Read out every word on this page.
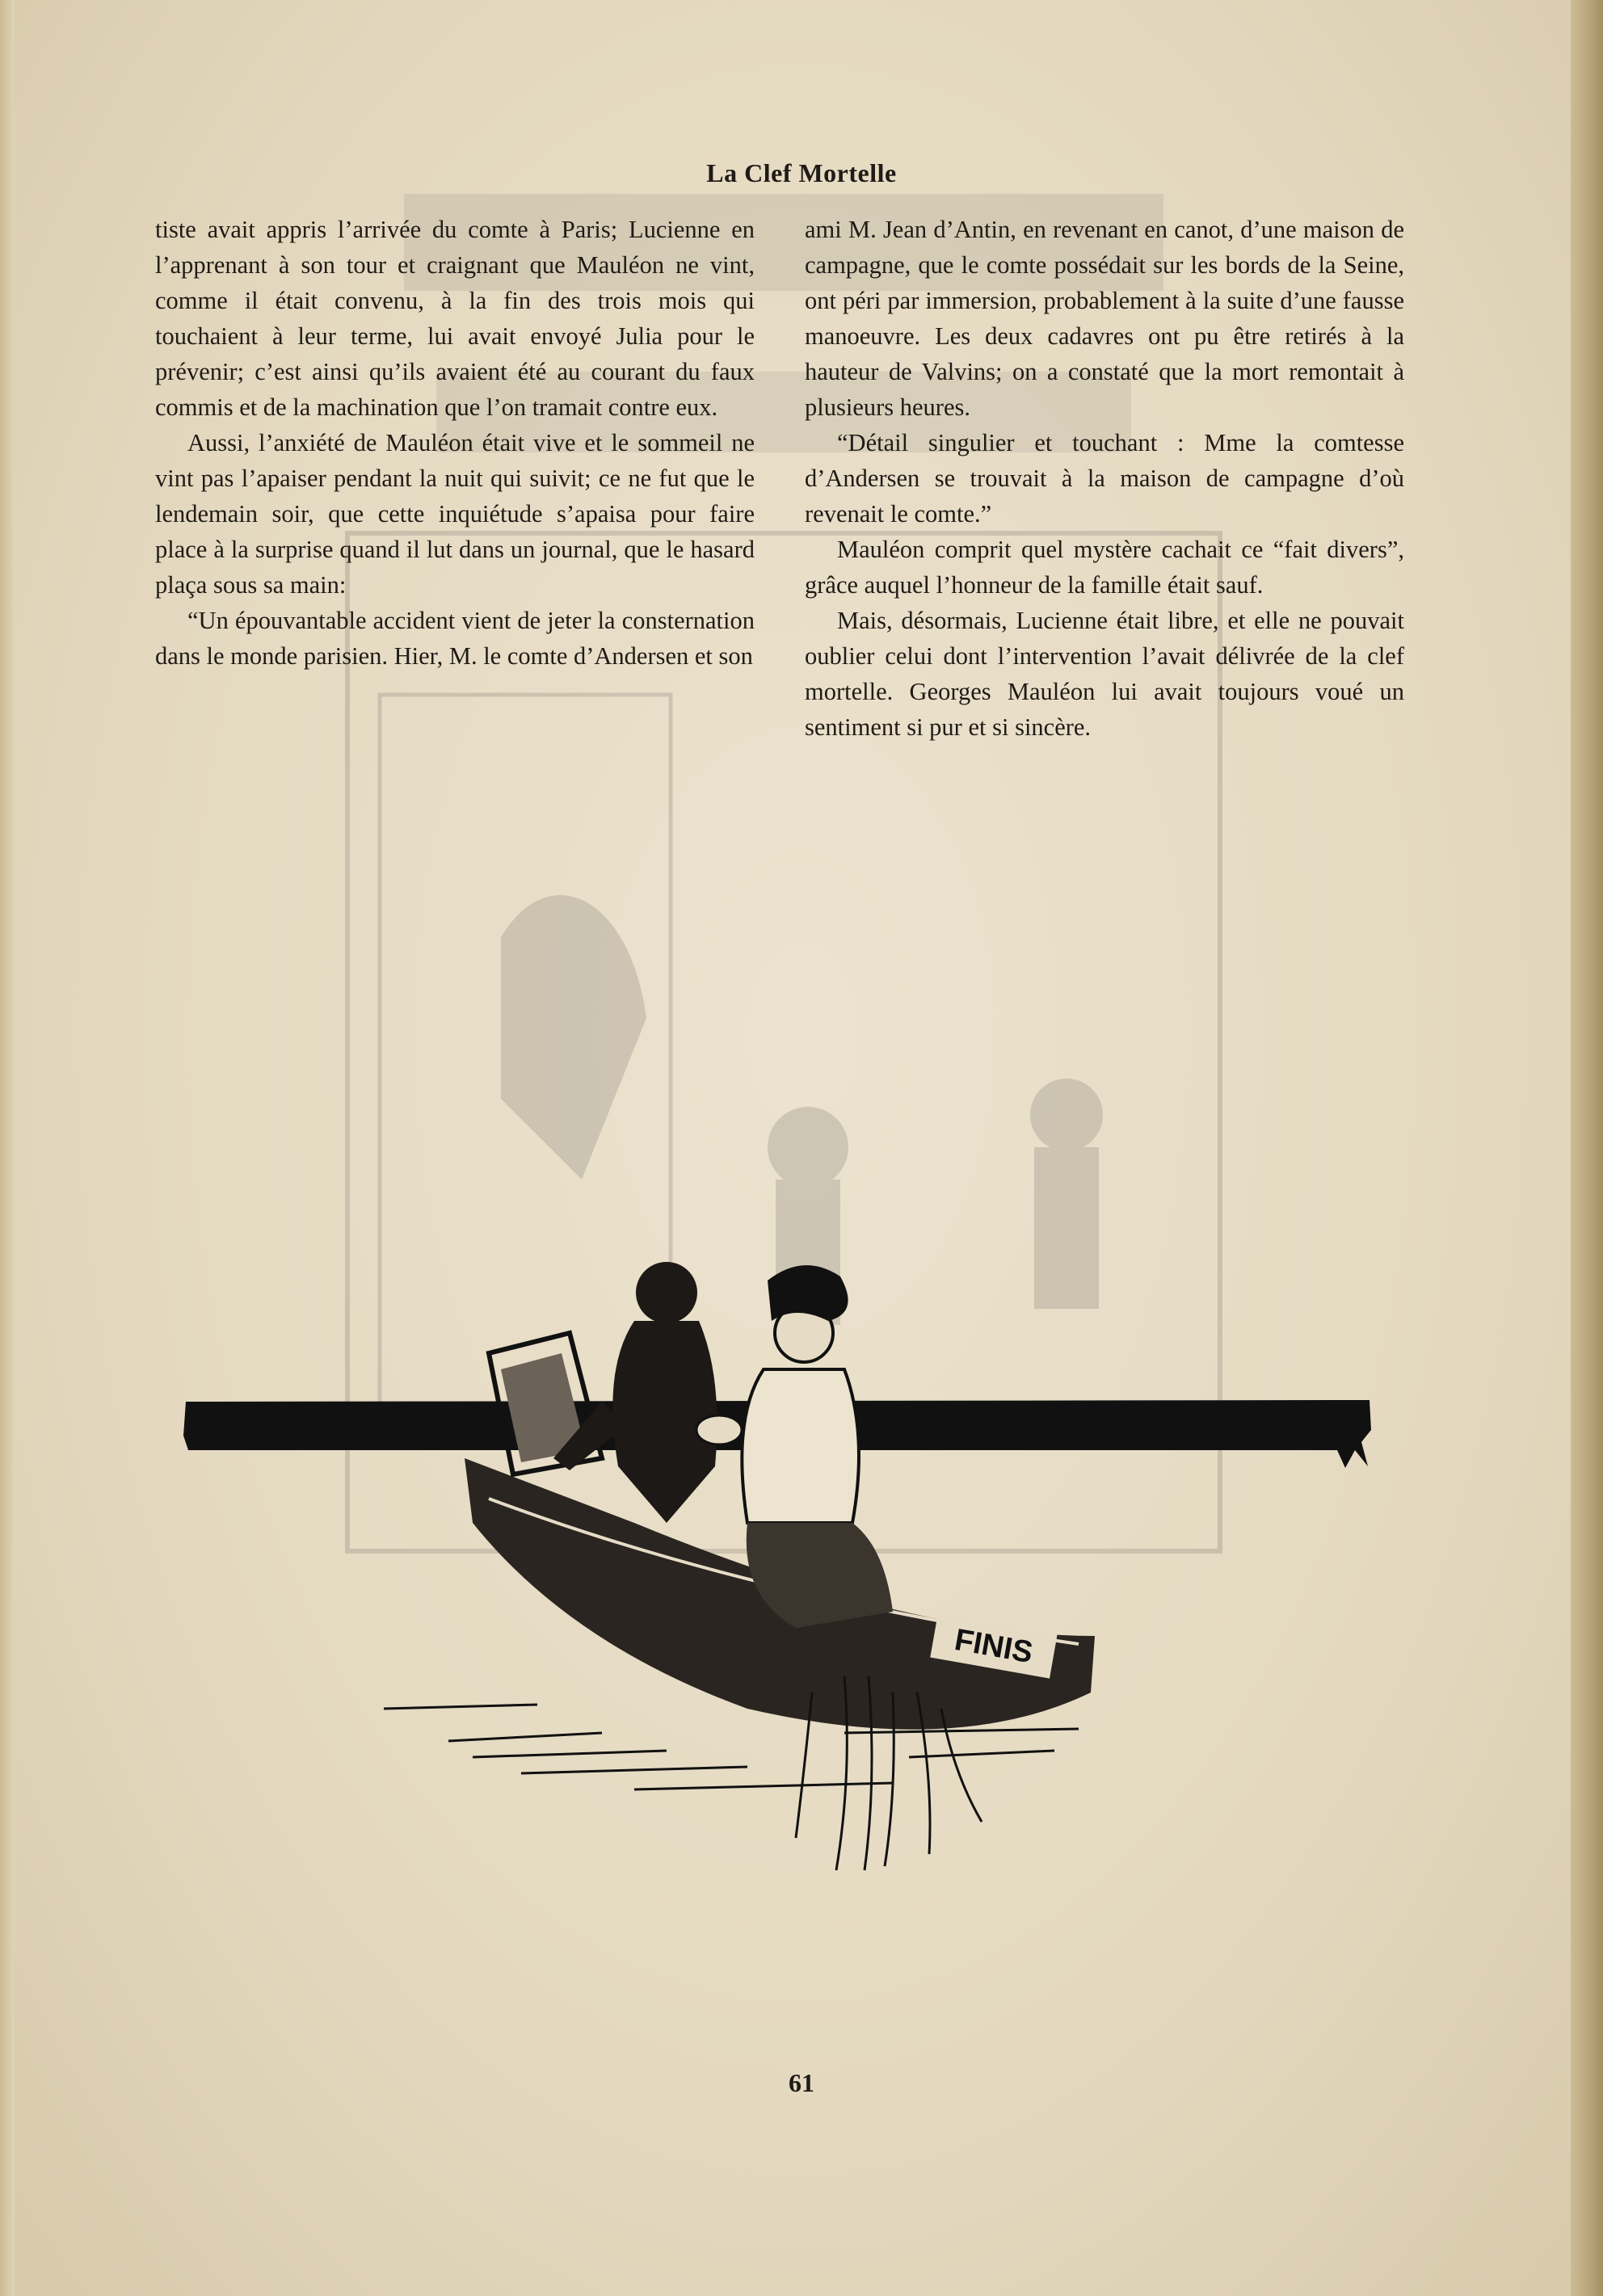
La Clef Mortelle

tiste avait appris l’arrivée du comte à Paris; Lucienne en l’apprenant à son tour et craignant que Mauléon ne vint, comme il était convenu, à la fin des trois mois qui touchaient à leur terme, lui avait envoyé Julia pour le prévenir; c’est ainsi qu’ils avaient été au courant du faux commis et de la machination que l’on tramait contre eux.

Aussi, l’anxiété de Mauléon était vive et le sommeil ne vint pas l’apaiser pendant la nuit qui suivit; ce ne fut que le lendemain soir, que cette inquiétude s’apaisa pour faire place à la surprise quand il lut dans un journal, que le hasard plaça sous sa main:

“Un épouvantable accident vient de jeter la consternation dans le monde parisien. Hier, M. le comte d’Andersen et son

ami M. Jean d’Antin, en revenant en canot, d’une maison de campagne, que le comte possédait sur les bords de la Seine, ont péri par immersion, probablement à la suite d’une fausse manoeuvre. Les deux cadavres ont pu être retirés à la hauteur de Valvins; on a constaté que la mort remontait à plusieurs heures.

“Détail singulier et touchant : Mme la comtesse d’Andersen se trouvait à la maison de campagne d’où revenait le comte.”

Mauléon comprit quel mystère cachait ce “fait divers”, grâce auquel l’honneur de la famille était sauf.

Mais, désormais, Lucienne était libre, et elle ne pouvait oublier celui dont l’intervention l’avait délivrée de la clef mortelle. Georges Mauléon lui avait toujours voué un sentiment si pur et si sincère.

FINIS
61
